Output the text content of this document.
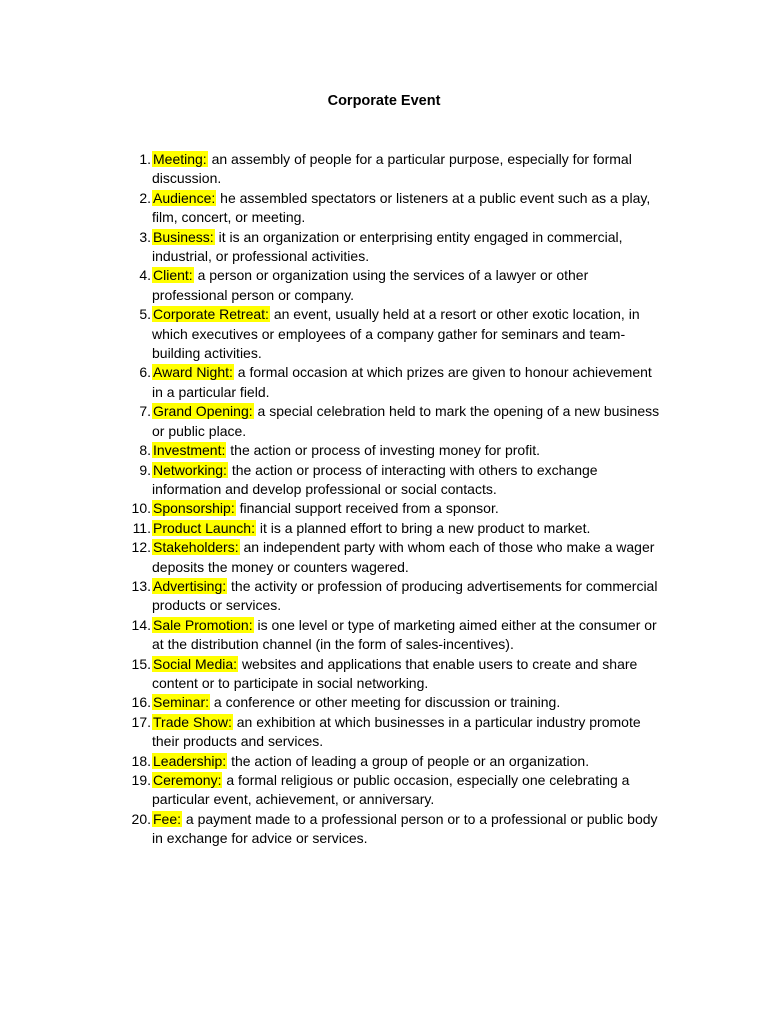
Corporate Event
1. Meeting: an assembly of people for a particular purpose, especially for formal discussion.
2. Audience: he assembled spectators or listeners at a public event such as a play, film, concert, or meeting.
3. Business: it is an organization or enterprising entity engaged in commercial, industrial, or professional activities.
4. Client: a person or organization using the services of a lawyer or other professional person or company.
5. Corporate Retreat: an event, usually held at a resort or other exotic location, in which executives or employees of a company gather for seminars and team-building activities.
6. Award Night: a formal occasion at which prizes are given to honour achievement in a particular field.
7. Grand Opening: a special celebration held to mark the opening of a new business or public place.
8. Investment: the action or process of investing money for profit.
9. Networking: the action or process of interacting with others to exchange information and develop professional or social contacts.
10. Sponsorship: financial support received from a sponsor.
11. Product Launch: it is a planned effort to bring a new product to market.
12. Stakeholders: an independent party with whom each of those who make a wager deposits the money or counters wagered.
13. Advertising: the activity or profession of producing advertisements for commercial products or services.
14. Sale Promotion: is one level or type of marketing aimed either at the consumer or at the distribution channel (in the form of sales-incentives).
15. Social Media: websites and applications that enable users to create and share content or to participate in social networking.
16. Seminar: a conference or other meeting for discussion or training.
17. Trade Show: an exhibition at which businesses in a particular industry promote their products and services.
18. Leadership: the action of leading a group of people or an organization.
19. Ceremony: a formal religious or public occasion, especially one celebrating a particular event, achievement, or anniversary.
20. Fee: a payment made to a professional person or to a professional or public body in exchange for advice or services.
